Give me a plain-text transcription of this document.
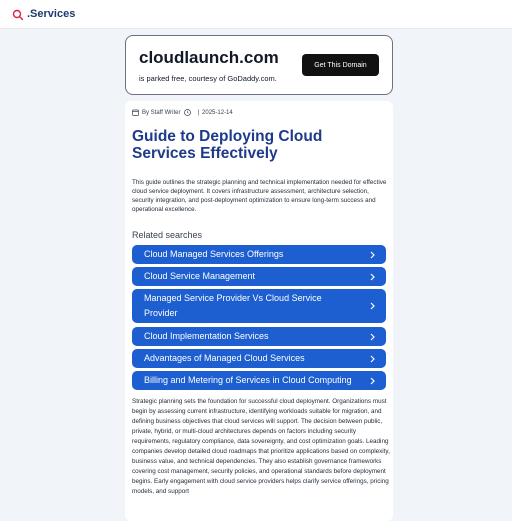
.Services
cloudlaunch.com
is parked free, courtesy of GoDaddy.com.
Get This Domain
By Staff Writer	| 2025-12-14
Guide to Deploying Cloud Services Effectively
This guide outlines the strategic planning and technical implementation needed for effective cloud service deployment. It covers infrastructure assessment, architecture selection, security integration, and post-deployment optimization to ensure long-term success and operational excellence.
Related searches
Cloud Managed Services Offerings
Cloud Service Management
Managed Service Provider Vs Cloud Service Provider
Cloud Implementation Services
Advantages of Managed Cloud Services
Billing and Metering of Services in Cloud Computing
Strategic planning sets the foundation for successful cloud deployment. Organizations must begin by assessing current infrastructure, identifying workloads suitable for migration, and defining business objectives that cloud services will support. The decision between public, private, hybrid, or multi-cloud architectures depends on factors including security requirements, regulatory compliance, data sovereignty, and cost optimization goals. Leading companies develop detailed cloud roadmaps that prioritize applications based on complexity, business value, and technical dependencies. They also establish governance frameworks covering cost management, security policies, and operational standards before deployment begins. Early engagement with cloud service providers helps clarify service offerings, pricing models, and support
